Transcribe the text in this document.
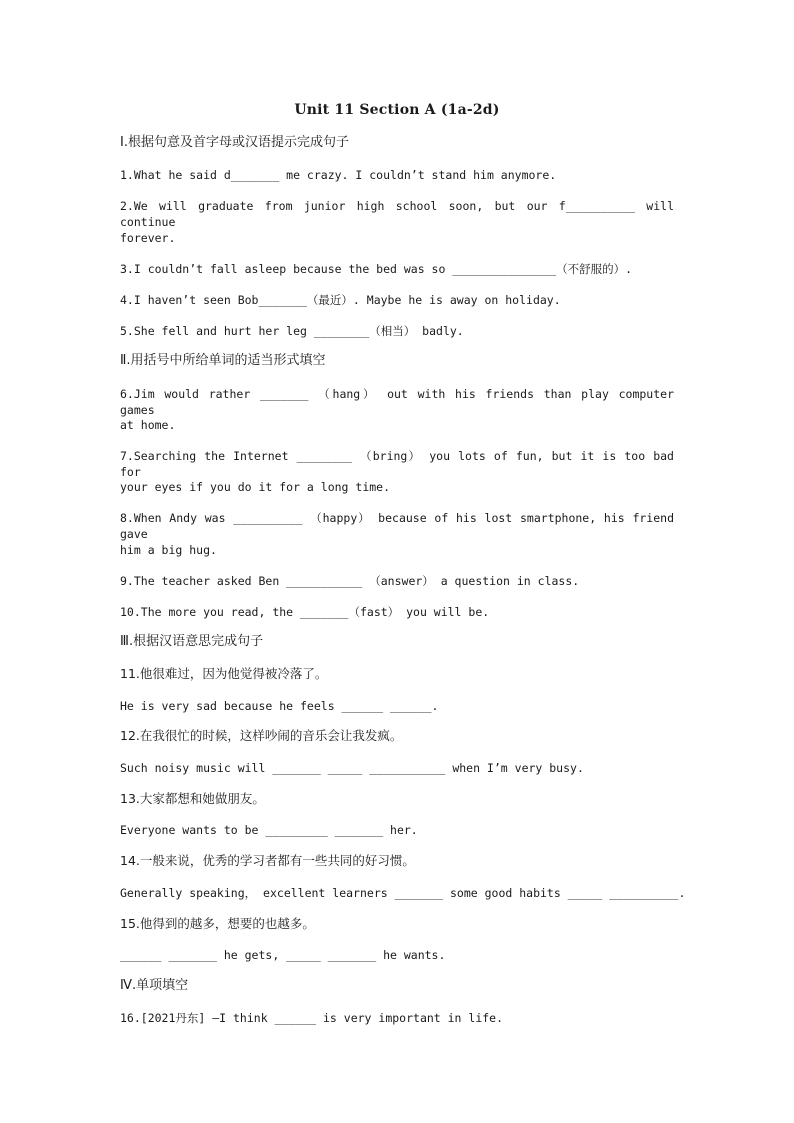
Unit 11 Section A (1a-2d)
Ⅰ.根据句意及首字母或汉语提示完成句子
1.What he said d_______ me crazy. I couldn’t stand him anymore.
2.We will graduate from junior high school soon, but our f__________ will continue
forever.
3.I couldn’t fall asleep because the bed was so _______________（不舒服的）.
4.I haven’t seen Bob_______（最近）. Maybe he is away on holiday.
5.She fell and hurt her leg ________（相当） badly.
Ⅱ.用括号中所给单词的适当形式填空
6.Jim would rather _______ （hang） out with his friends than play computer games
at home.
7.Searching the Internet ________ （bring） you lots of fun, but it is too bad for
your eyes if you do it for a long time.
8.When Andy was __________ （happy） because of his lost smartphone, his friend gave
him a big hug.
9.The teacher asked Ben ___________ （answer） a question in class.
10.The more you read, the _______（fast） you will be.
Ⅲ.根据汉语意思完成句子
11.他很难过，因为他觉得被冷落了。
He is very sad because he feels ______ ______.
12.在我很忙的时候，这样吵闹的音乐会让我发疯。
Such noisy music will _______ _____ ___________ when I’m very busy.
13.大家都想和她做朋友。
Everyone wants to be _________ _______ her.
14.一般来说，优秀的学习者都有一些共同的好习惯。
Generally speaking， excellent learners _______ some good habits _____ __________.
15.他得到的越多，想要的也越多。
______ _______ he gets, _____ _______ he wants.
Ⅳ.单项填空
16.[2021丹东] —I think ______ is very important in life.
